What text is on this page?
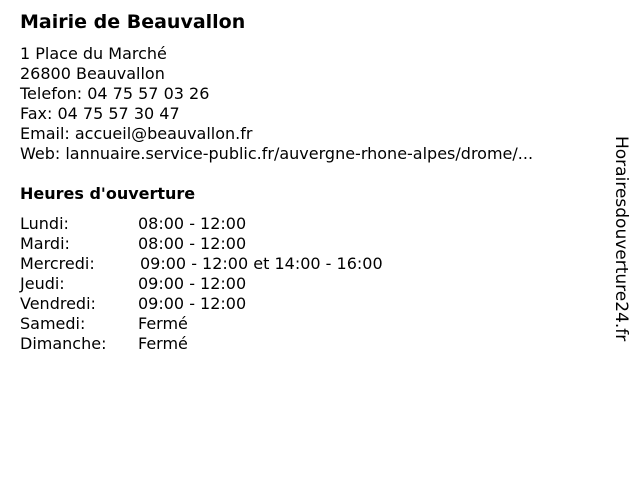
Mairie de Beauvallon
1 Place du Marché
26800 Beauvallon
Telefon: 04 75 57 03 26
Fax: 04 75 57 30 47
Email: accueil@beauvallon.fr
Web: lannuaire.service-public.fr/auvergne-rhone-alpes/drome/...
Heures d'ouverture
Lundi:	08:00 - 12:00
Mardi:	08:00 - 12:00
Mercredi:	09:00 - 12:00 et 14:00 - 16:00
Jeudi:	09:00 - 12:00
Vendredi:	09:00 - 12:00
Samedi:	Fermé
Dimanche: Fermé
Horairesdouverture24.fr
